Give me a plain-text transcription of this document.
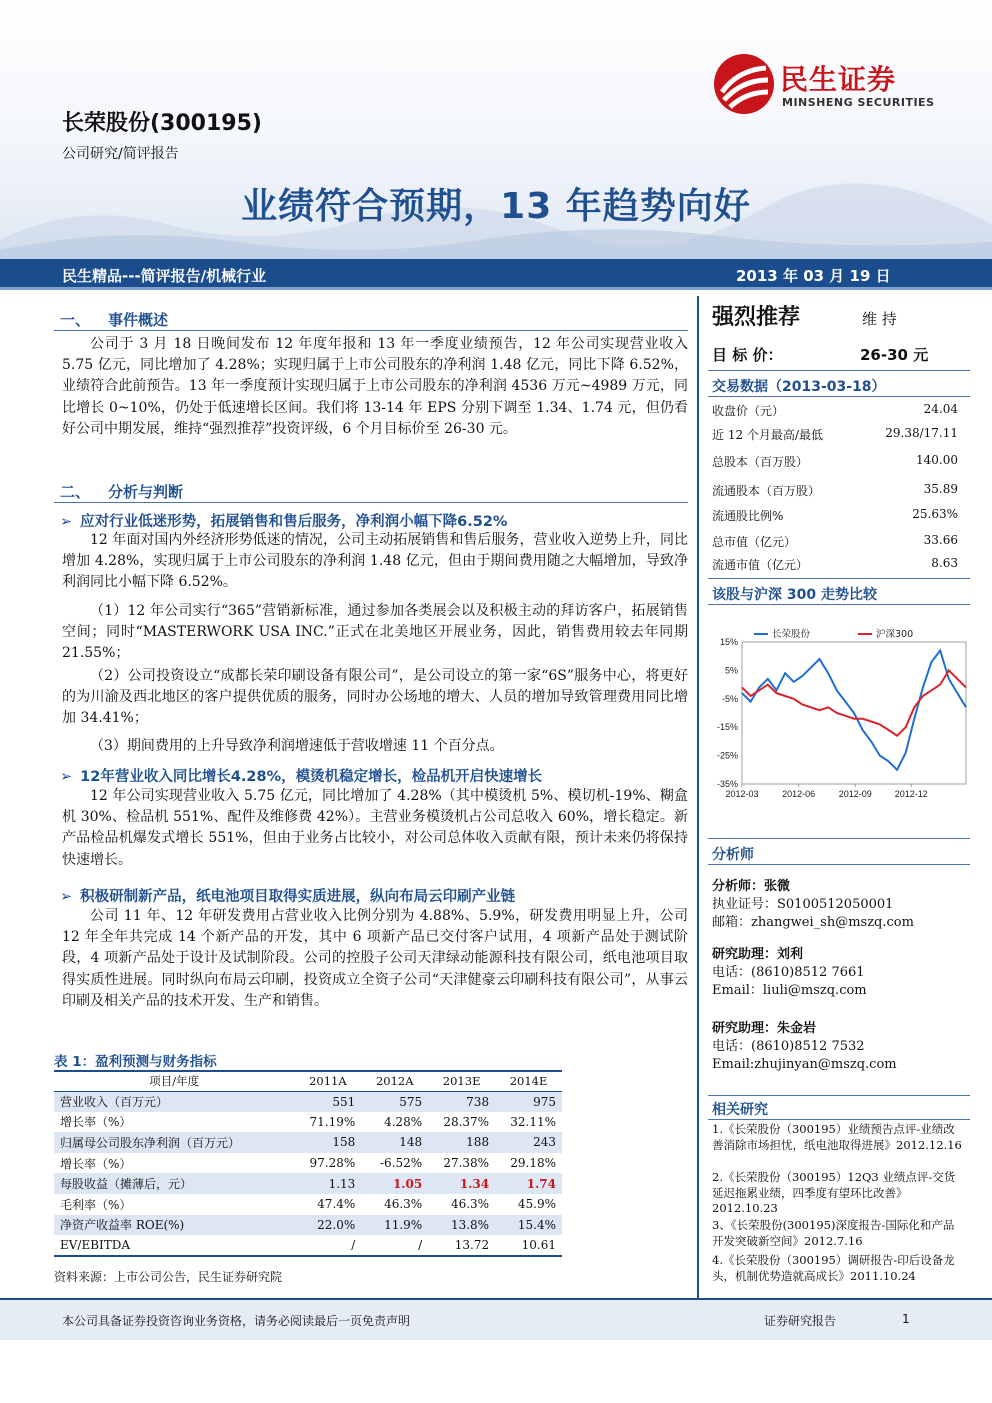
民生证券
MINSHENG SECURITIES
长荣股份(300195)
公司研究/简评报告
业绩符合预期，13 年趋势向好
民生精品---简评报告/机械行业	2013 年 03 月 19 日
一、 事件概述
公司于 3 月 18 日晚间发布 12 年度年报和 13 年一季度业绩预告，12 年公司实现营业收入 5.75 亿元，同比增加了 4.28%；实现归属于上市公司股东的净利润 1.48 亿元，同比下降 6.52%，业绩符合此前预告。13 年一季度预计实现归属于上市公司股东的净利润 4536 万元~4989 万元，同比增长 0~10%，仍处于低速增长区间。我们将 13-14 年 EPS 分别下调至 1.34、1.74 元，但仍看好公司中期发展，维持“强烈推荐”投资评级，6 个月目标价至 26-30 元。
二、 分析与判断
➢ 应对行业低迷形势，拓展销售和售后服务，净利润小幅下降6.52%
12 年面对国内外经济形势低迷的情况，公司主动拓展销售和售后服务，营业收入逆势上升，同比增加 4.28%，实现归属于上市公司股东的净利润 1.48 亿元，但由于期间费用随之大幅增加，导致净利润同比小幅下降 6.52%。
（1）12 年公司实行“365”营销新标准，通过参加各类展会以及积极主动的拜访客户，拓展销售空间；同时“MASTERWORK USA INC.”正式在北美地区开展业务，因此，销售费用较去年同期 21.55%；
（2）公司投资设立“成都长荣印刷设备有限公司”，是公司设立的第一家“6S”服务中心，将更好的为川渝及西北地区的客户提供优质的服务，同时办公场地的增大、人员的增加导致管理费用同比增加 34.41%；
（3）期间费用的上升导致净利润增速低于营收增速 11 个百分点。
➢ 12年营业收入同比增长4.28%，模烫机稳定增长，检品机开启快速增长
12 年公司实现营业收入 5.75 亿元，同比增加了 4.28%（其中模烫机 5%、模切机-19%、糊盒机 30%、检品机 551%、配件及维修费 42%）。主营业务模烫机占公司总收入 60%，增长稳定。新产品检品机爆发式增长 551%，但由于业务占比较小，对公司总体收入贡献有限，预计未来仍将保持快速增长。
➢ 积极研制新产品，纸电池项目取得实质进展，纵向布局云印刷产业链
公司 11 年、12 年研发费用占营业收入比例分别为 4.88%、5.9%，研发费用明显上升，公司 12 年全年共完成 14 个新产品的开发，其中 6 项新产品已交付客户试用，4 项新产品处于测试阶段，4 项新产品处于设计及试制阶段。公司的控股子公司天津绿动能源科技有限公司，纸电池项目取得实质性进展。同时纵向布局云印刷，投资成立全资子公司“天津健豪云印刷科技有限公司”，从事云印刷及相关产品的技术开发、生产和销售。
表 1：盈利预测与财务指标
项目/年度	2011A	2012A	2013E	2014E
营业收入（百万元）	551	575	738	975
增长率（%）	71.19%	4.28%	28.37%	32.11%
归属母公司股东净利润（百万元）	158	148	188	243
增长率（%）	97.28%	-6.52%	27.38%	29.18%
每股收益（摊薄后，元）	1.13	1.05	1.34	1.74
毛利率（%）	47.4%	46.3%	46.3%	45.9%
净资产收益率 ROE(%)	22.0%	11.9%	13.8%	15.4%
EV/EBITDA	/	/	13.72	10.61
资料来源：上市公司公告，民生证券研究院
强烈推荐	维 持
目 标 价：	26-30 元
交易数据（2013-03-18）
收盘价（元）	24.04
近 12 个月最高/最低	29.38/17.11
总股本（百万股）	140.00
流通股本（百万股）	35.89
流通股比例%	25.63%
总市值（亿元）	33.66
流通市值（亿元）	8.63
该股与沪深 300 走势比较
15%
5%
-5%
-15%
-25%
-35%
2012-03	2012-06	2012-09	2012-12
长荣股份	沪深300
分析师
分析师：张微
执业证号：S0100512050001
邮箱：zhangwei_sh@mszq.com
研究助理：刘利
电话：(8610)8512 7661
Email：liuli@mszq.com
研究助理：朱金岩
电话：(8610)8512 7532
Email:zhujinyan@mszq.com
相关研究
1.《长荣股份（300195）业绩预告点评-业绩改善消除市场担忧，纸电池取得进展》2012.12.16
2.《长荣股份（300195）12Q3 业绩点评-交货延迟拖累业绩，四季度有望环比改善》2012.10.23
3、《长荣股份(300195)深度报告-国际化和产品开发突破新空间》2012.7.16
4.《长荣股份（300195）调研报告-印后设备龙头，机制优势造就高成长》2011.10.24
本公司具备证券投资咨询业务资格，请务必阅读最后一页免责声明	证券研究报告	1
